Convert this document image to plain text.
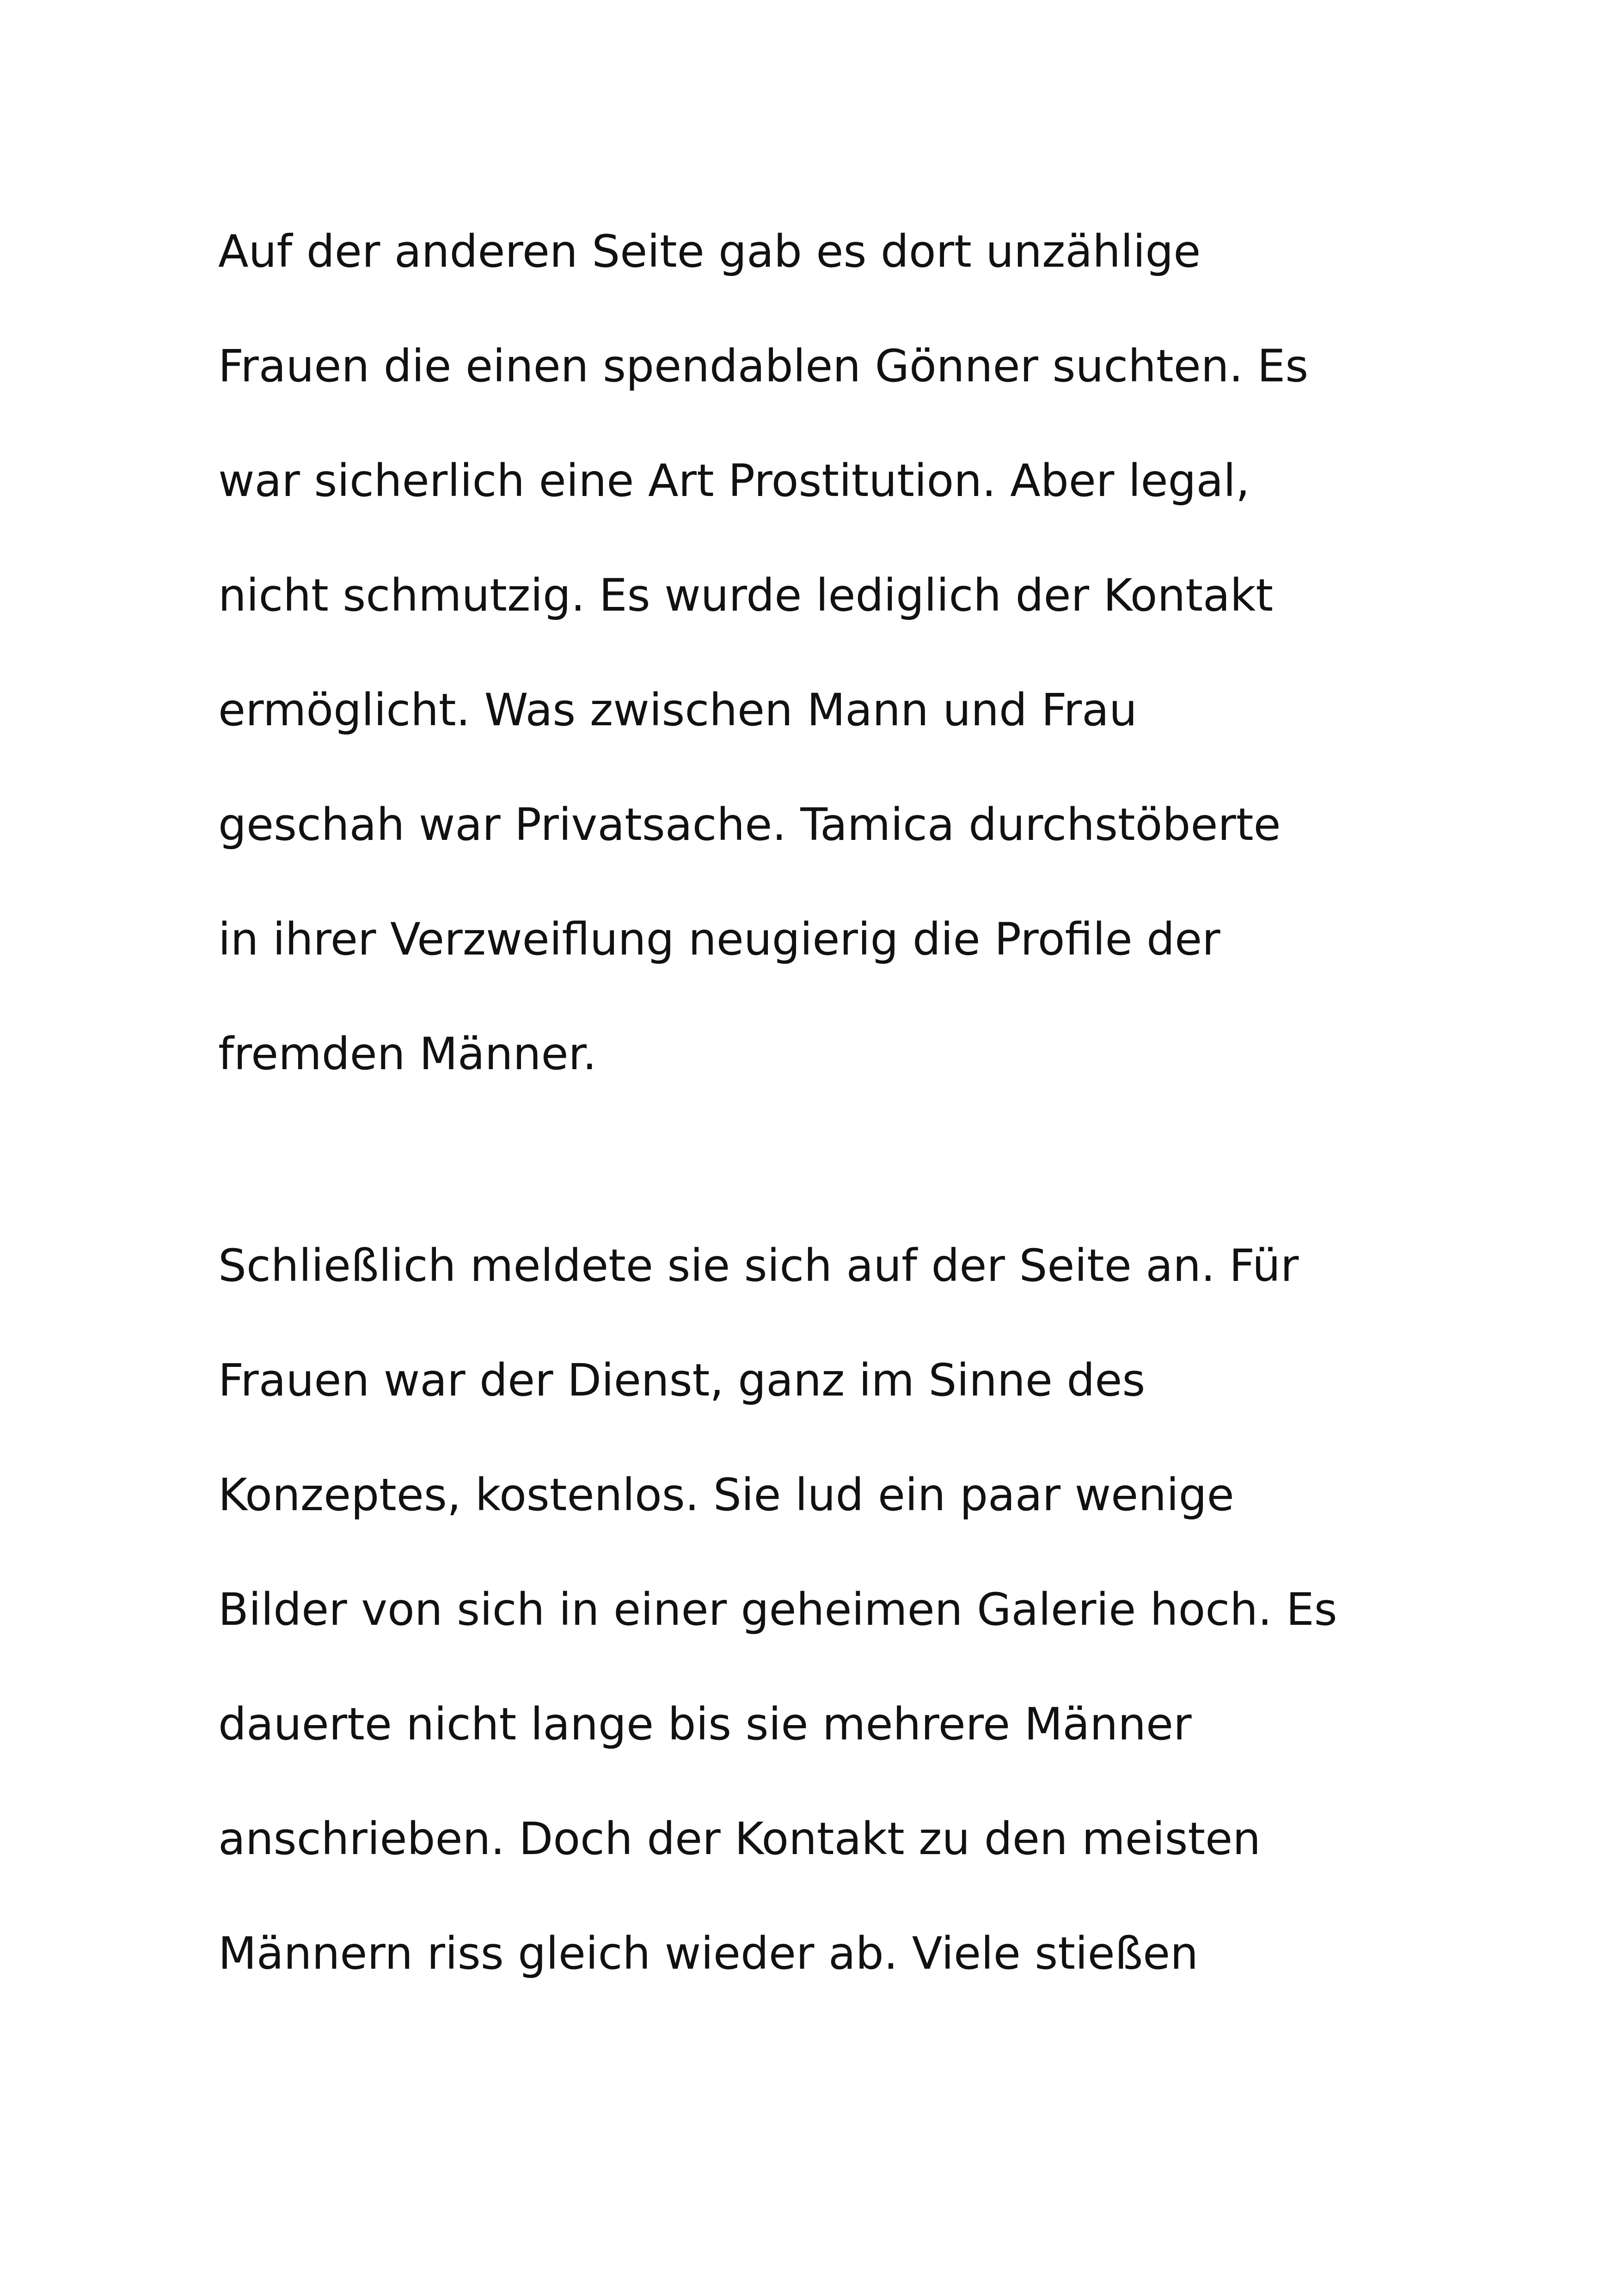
Auf der anderen Seite gab es dort unzählige
Frauen die einen spendablen Gönner suchten. Es
war sicherlich eine Art Prostitution. Aber legal,
nicht schmutzig. Es wurde lediglich der Kontakt
ermöglicht. Was zwischen Mann und Frau
geschah war Privatsache. Tamica durchstöberte
in ihrer Verzweiflung neugierig die Profile der
fremden Männer.
Schließlich meldete sie sich auf der Seite an. Für
Frauen war der Dienst, ganz im Sinne des
Konzeptes, kostenlos. Sie lud ein paar wenige
Bilder von sich in einer geheimen Galerie hoch. Es
dauerte nicht lange bis sie mehrere Männer
anschrieben. Doch der Kontakt zu den meisten
Männern riss gleich wieder ab. Viele stießen
